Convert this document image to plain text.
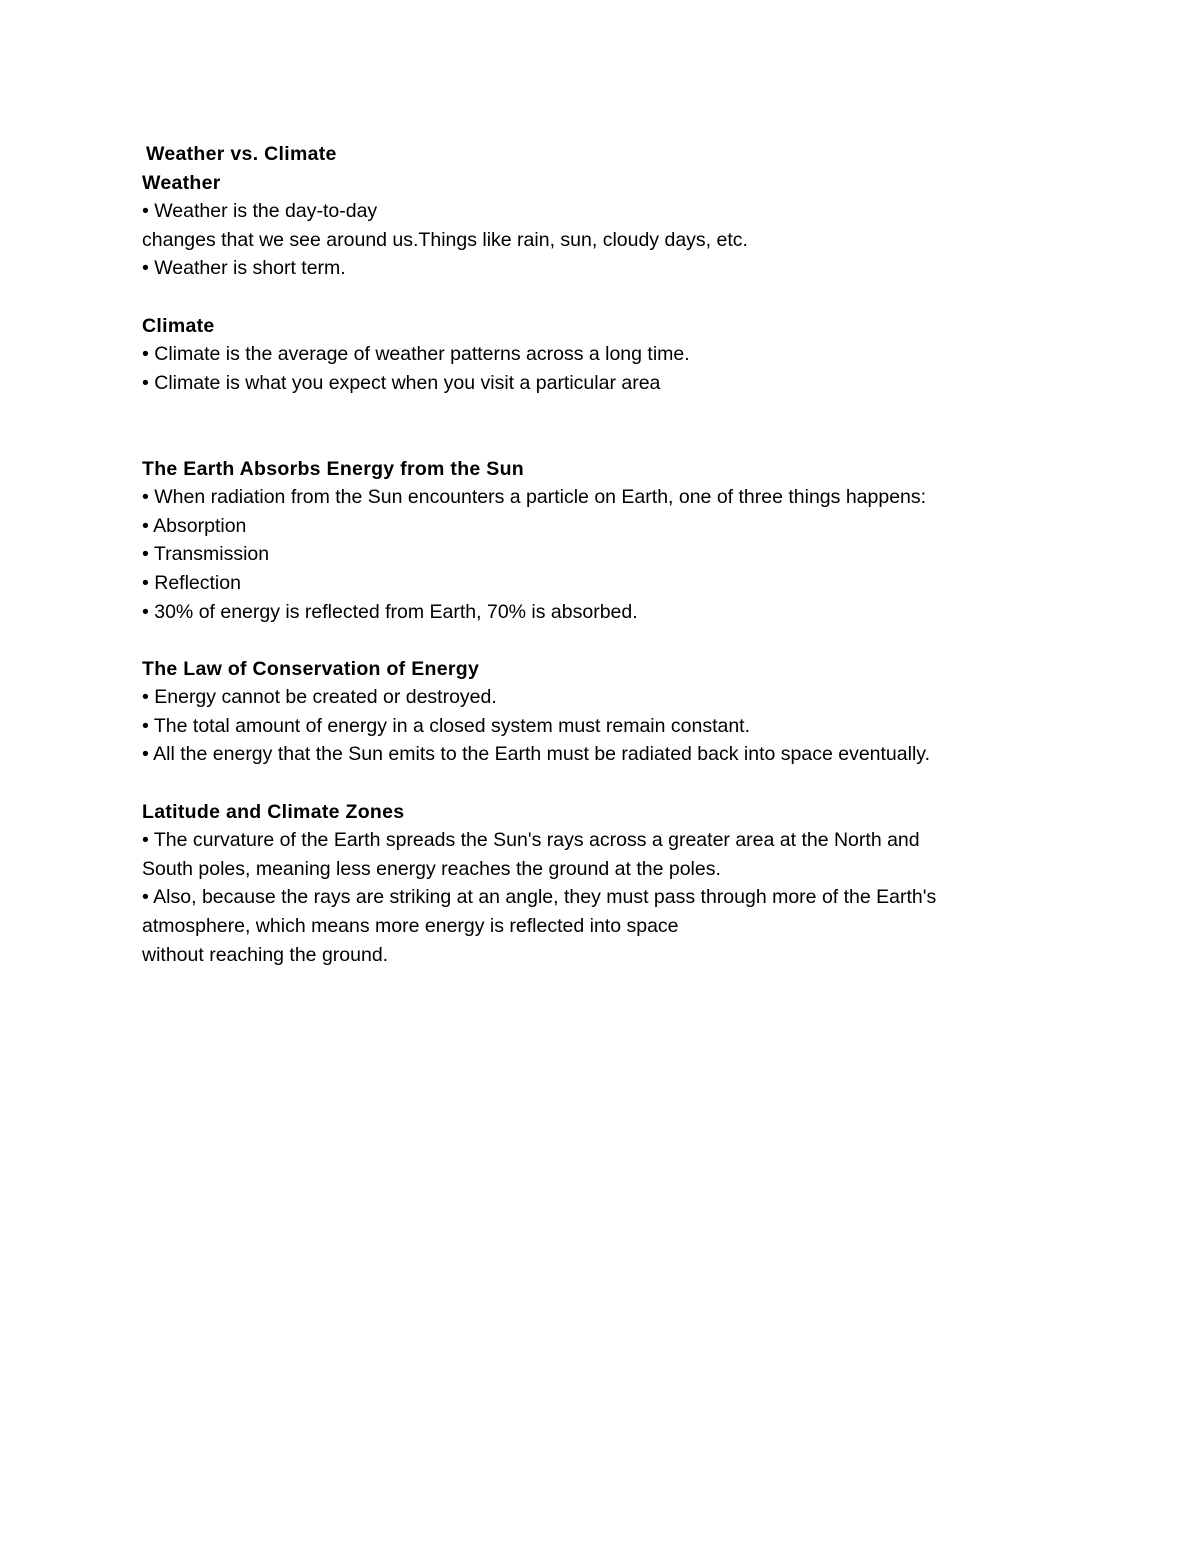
Weather vs. Climate
Weather
• Weather is the day-to-day
changes that we see around us.Things like rain, sun, cloudy days, etc.
• Weather is short term.
Climate
• Climate is the average of weather patterns across a long time.
• Climate is what you expect when you visit a particular area
The Earth Absorbs Energy from the Sun
• When radiation from the Sun encounters a particle on Earth, one of three things happens:
• Absorption
• Transmission
• Reflection
• 30% of energy is reflected from Earth, 70% is absorbed.
The Law of Conservation of Energy
• Energy cannot be created or destroyed.
• The total amount of energy in a closed system must remain constant.
• All the energy that the Sun emits to the Earth must be radiated back into space eventually.
Latitude and Climate Zones
• The curvature of the Earth spreads the Sun's rays across a greater area at the North and
South poles, meaning less energy reaches the ground at the poles.
• Also, because the rays are striking at an angle, they must pass through more of the Earth's
atmosphere, which means more energy is reflected into space
without reaching the ground.
